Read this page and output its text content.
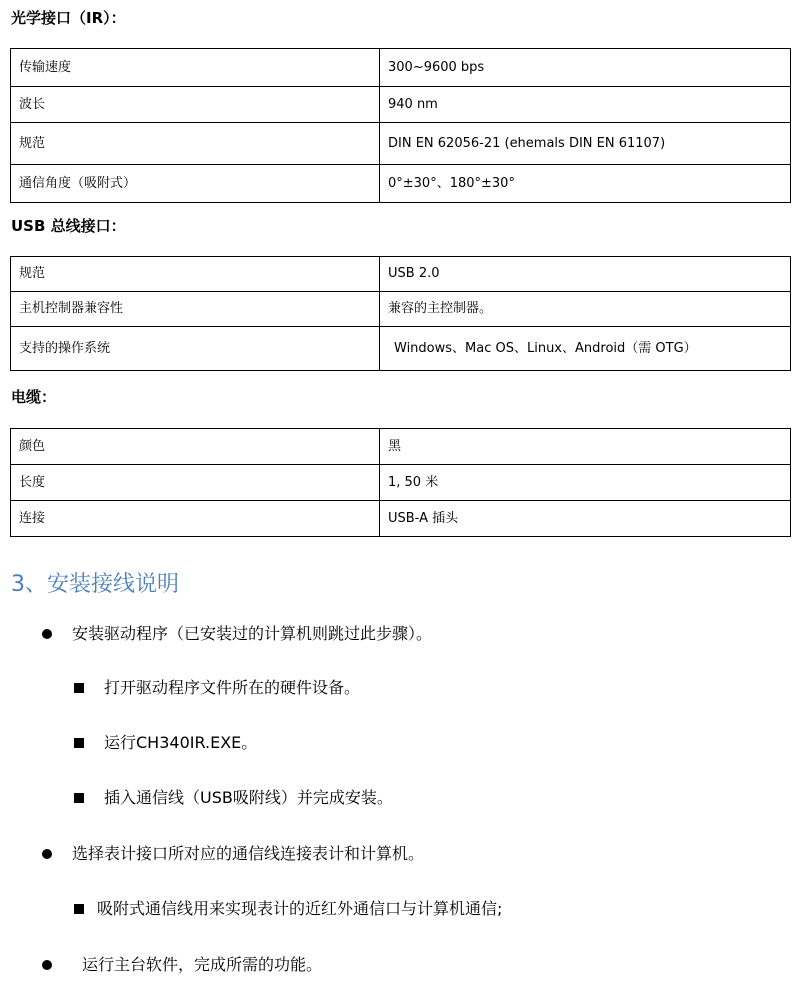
光学接口（IR）：
传输速度	300~9600 bps
波长	940 nm
规范	DIN EN 62056-21 (ehemals DIN EN 61107)
通信角度（吸附式）	0°±30°、180°±30°
USB 总线接口：
规范	USB 2.0
主机控制器兼容性	兼容的主控制器。
支持的操作系统	Windows、Mac OS、Linux、Android（需 OTG）
电缆：
颜色	黑
长度	1, 50 米
连接	USB-A 插头
3、安装接线说明
安装驱动程序（已安装过的计算机则跳过此步骤）。
打开驱动程序文件所在的硬件设备。
运行CH340IR.EXE。
插入通信线（USB吸附线）并完成安装。
选择表计接口所对应的通信线连接表计和计算机。
吸附式通信线用来实现表计的近红外通信口与计算机通信;
运行主台软件，完成所需的功能。
